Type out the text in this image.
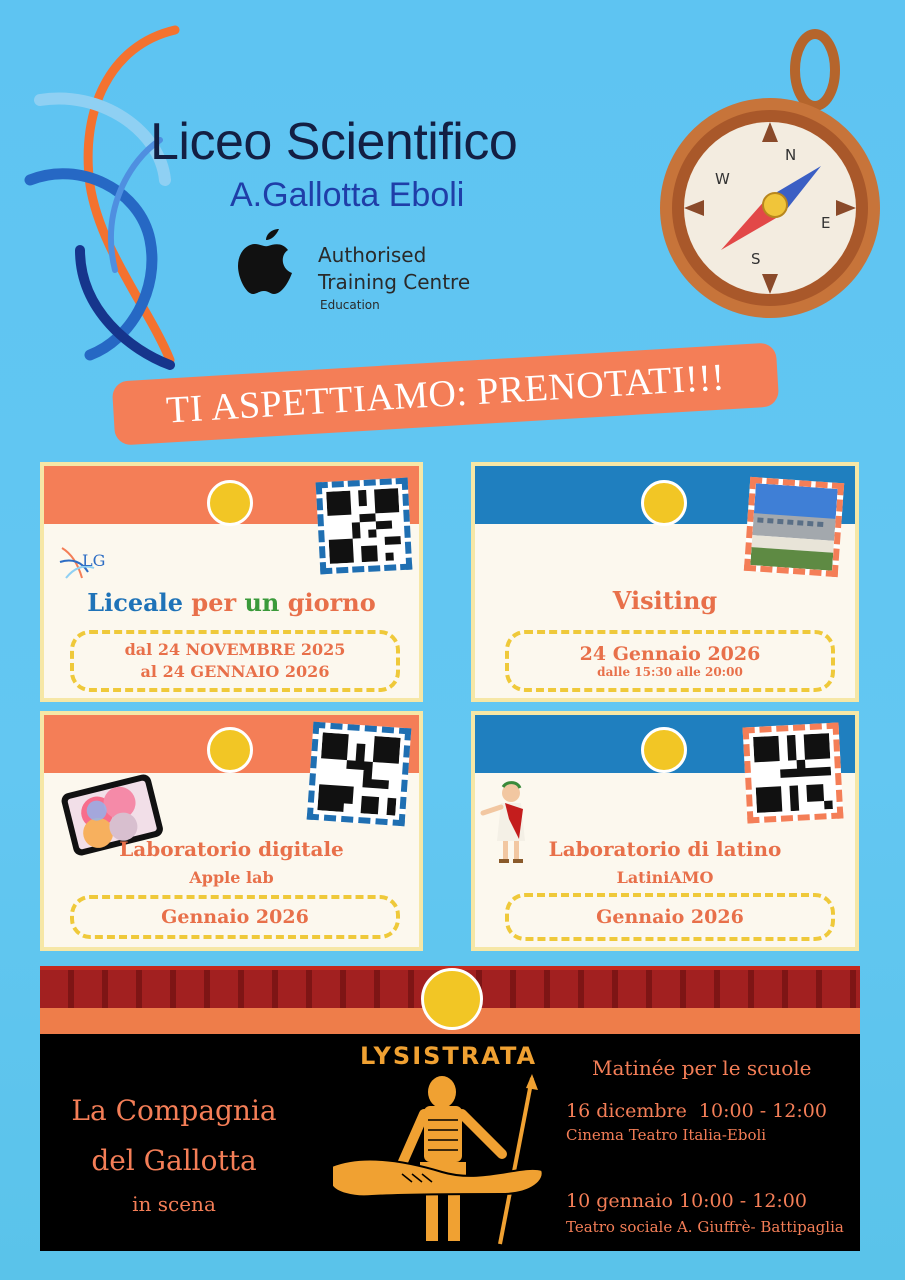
Liceo Scientifico
A.Gallotta Eboli
Authorised
Training Centre
Education
N
E
S
W
TI ASPETTIAMO: PRENOTATI!!!
LG
Liceale per un giorno
dal 24 NOVEMBRE 2025
al 24 GENNAIO 2026
Visiting
24 Gennaio 2026
dalle 15:30 alle 20:00
Laboratorio digitale
Apple lab
Gennaio 2026
Laboratorio di latino
LatiniAMO
Gennaio 2026
La Compagnia
del Gallotta
in scena
LYSISTRATA	Matinée per le scuole
16 dicembre  10:00 - 12:00
Cinema Teatro Italia-Eboli
10 gennaio 10:00 - 12:00
Teatro sociale A. Giuffrè- Battipaglia
